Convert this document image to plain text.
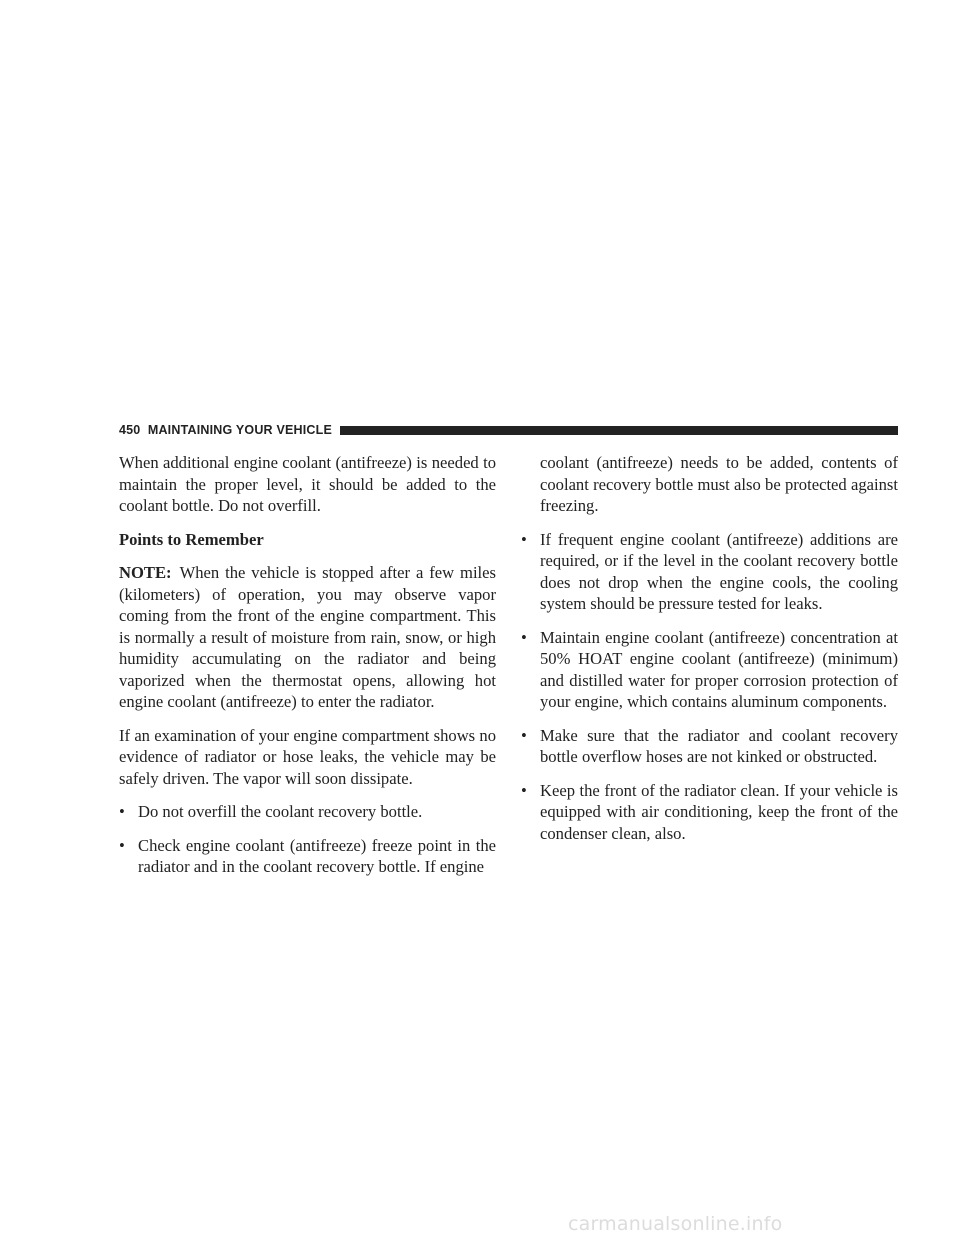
450 MAINTAINING YOUR VEHICLE

When additional engine coolant (antifreeze) is needed to maintain the proper level, it should be added to the coolant bottle. Do not overfill.

Points to Remember

NOTE: When the vehicle is stopped after a few miles (kilometers) of operation, you may observe vapor coming from the front of the engine compartment. This is normally a result of moisture from rain, snow, or high humidity accumulating on the radiator and being vaporized when the thermostat opens, allowing hot engine coolant (antifreeze) to enter the radiator.

If an examination of your engine compartment shows no evidence of radiator or hose leaks, the vehicle may be safely driven. The vapor will soon dissipate.

• Do not overfill the coolant recovery bottle.
• Check engine coolant (antifreeze) freeze point in the radiator and in the coolant recovery bottle. If engine
coolant (antifreeze) needs to be added, contents of coolant recovery bottle must also be protected against freezing.
• If frequent engine coolant (antifreeze) additions are required, or if the level in the coolant recovery bottle does not drop when the engine cools, the cooling system should be pressure tested for leaks.
• Maintain engine coolant (antifreeze) concentration at 50% HOAT engine coolant (antifreeze) (minimum) and distilled water for proper corrosion protection of your engine, which contains aluminum components.
• Make sure that the radiator and coolant recovery bottle overflow hoses are not kinked or obstructed.
• Keep the front of the radiator clean. If your vehicle is equipped with air conditioning, keep the front of the condenser clean, also.
carmanualsonline.info
